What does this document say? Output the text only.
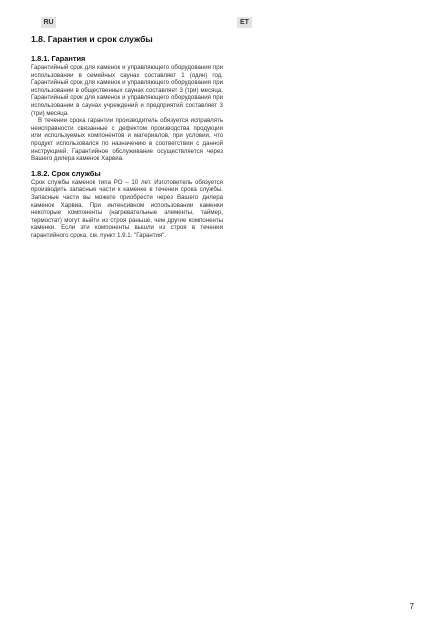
RU	ET
1.8. Гарантия и срок службы
1.8.1. Гарантия

Гарантийный срок для каменок и управляющего оборудования при использовании в семейных саунах составляет 1 (один) год. Гарантийный срок для каменок и управляющего оборудования при использовании в общественных саунах составляет 3 (три) месяца. Гарантийный срок для каменок и управляющего оборудования при использовании в саунах учреждений и предприятий составляет 3 (три) месяца.

В течении срока гарантии производитель обязуется исправлять неисправности связанные с дефектом производства продукции или используемых компонентов и материалов, при условии, что продукт использовался по назначению в соответствии с данной инструкцией. Гарантийное обслуживание осуществляется через Вашего дилера каменок Харвиа.

1.8.2. Срок службы

Срок службы каменок типа РО – 10 лет. Изготовитель обязуется производить запасные части к каменке в течении срока службы. Запасные части вы можете приобрести через Вашего дилера каменок Харвиа. При интенсивном использовании каменки некоторые компоненты (нагревательные элементы, таймер, термостат) могут выйти из строя раньше, чем другие компоненты каменки. Если эти компоненты вышли из строя в течении гарантийного срока, см. пункт 1.9.1. "Гарантия".

7
